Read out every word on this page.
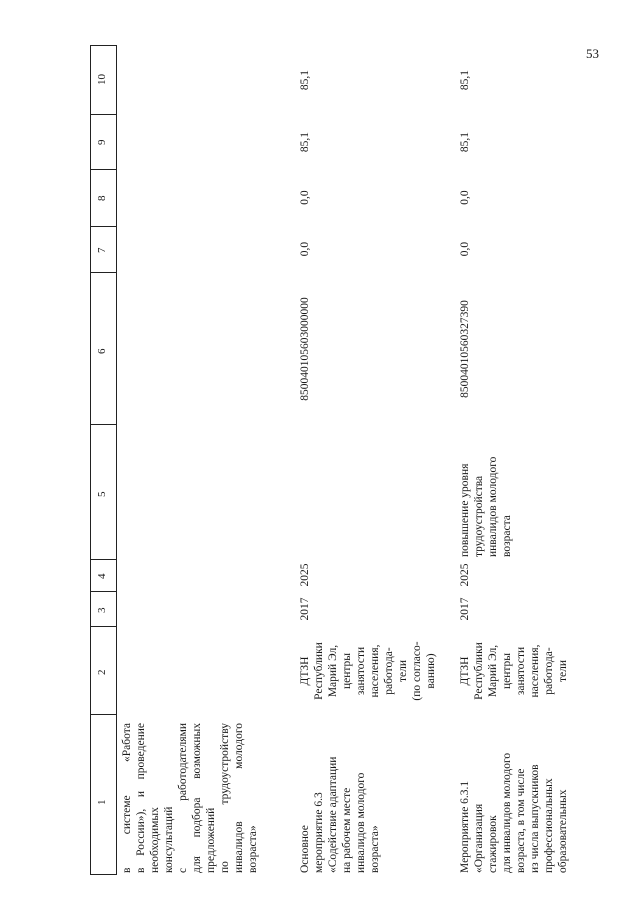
53
1
2
3
4
5
6
7
8
9
10
в системе «Работа в России»), и проведение необходимых консультаций с работодателями для подбора возможных предложений по трудоустройству инвалидов молодого возраста»	Основное мероприятие 6.3 «Содействие адаптации на рабочем месте инвалидов молодого возраста»
ДТЗН Республики Марий Эл, центры занятости населения, работода- тели (по согласо- ванию)
2017
2025
850040105603000000
0,0
0,0
85,1
85,1
Мероприятие 6.3.1 «Организация стажировок для инвалидов молодого возраста, в том числе из числа выпускников профессиональных образовательных
ДТЗН Республики Марий Эл, центры занятости населения, работода- тели
2017
2025
повышение уровня трудоустройства инвалидов молодого возраста
85004010560327390
0,0
0,0
85,1
85,1
